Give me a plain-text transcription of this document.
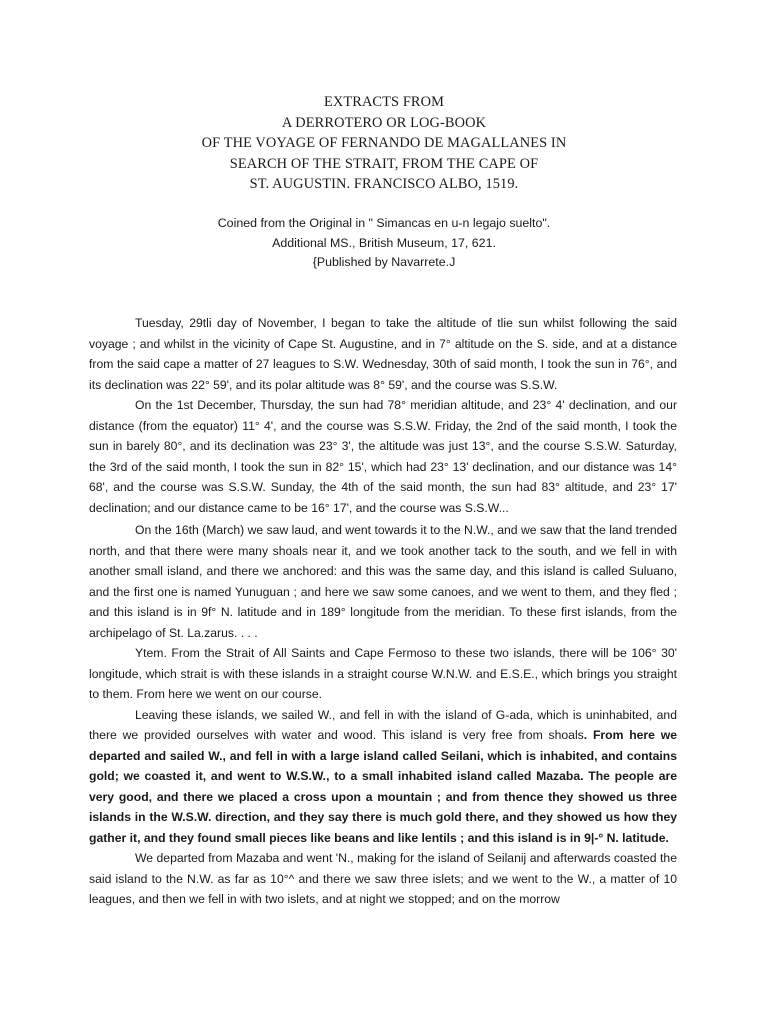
EXTRACTS FROM
A DERROTERO OR LOG-BOOK
OF THE VOYAGE OF FERNANDO DE MAGALLANES IN
SEARCH OF THE STRAIT, FROM THE CAPE OF
ST. AUGUSTIN. FRANCISCO ALBO, 1519.
Coined from the Original in " Simancas en u-n legajo suelto".
Additional MS., British Museum, 17, 621.
{Published by Navarrete.J

Tuesday, 29tli day of November, I began to take the altitude of tlie sun whilst following the said voyage ; and whilst in the vicinity of Cape St. Augustine, and in 7° altitude on the S. side, and at a distance from the said cape a matter of 27 leagues to S.W. Wednesday, 30th of said month, I took the sun in 76°, and its declination was 22° 59', and its polar altitude was 8° 59', and the course was S.S.W.

On the 1st December, Thursday, the sun had 78° meridian altitude, and 23° 4' declination, and our distance (from the equator) 11° 4', and the course was S.S.W. Friday, the 2nd of the said month, I took the sun in barely 80°, and its declination was 23° 3', the altitude was just 13°, and the course S.S.W. Saturday, the 3rd of the said month, I took the sun in 82° 15', which had 23° 13' declination, and our distance was 14° 68', and the course was S.S.W. Sunday, the 4th of the said month, the sun had 83° altitude, and 23° 17' declination; and our distance came to be 16° 17', and the course was S.S.W...

On the 16th (March) we saw laud, and went towards it to the N.W., and we saw that the land trended north, and that there were many shoals near it, and we took another tack to the south, and we fell in with another small island, and there we anchored: and this was the same day, and this island is called Suluano, and the first one is named Yunuguan ; and here we saw some canoes, and we went to them, and they fled ; and this island is in 9f° N. latitude and in 189° longitude from the meridian. To these first islands, from the archipelago of St. La.zarus. . . .

Ytem. From the Strait of All Saints and Cape Fermoso to these two islands, there will be 106° 30' longitude, which strait is with these islands in a straight course W.N.W. and E.S.E., which brings you straight to them. From here we went on our course.

Leaving these islands, we sailed W., and fell in with the island of G-ada, which is uninhabited, and there we provided ourselves with water and wood. This island is very free from shoals. From here we departed and sailed W., and fell in with a large island called Seilani, which is inhabited, and contains gold; we coasted it, and went to W.S.W., to a small inhabited island called Mazaba. The people are very good, and there we placed a cross upon a mountain ; and from thence they showed us three islands in the W.S.W. direction, and they say there is much gold there, and they showed us how they gather it, and they found small pieces like beans and like lentils ; and this island is in 9|-° N. latitude.

We departed from Mazaba and went 'N., making for the island of Seilanij and afterwards coasted the said island to the N.W. as far as 10°^ and there we saw three islets; and we went to the W., a matter of 10 leagues, and then we fell in with two islets, and at night we stopped; and on the morrow
